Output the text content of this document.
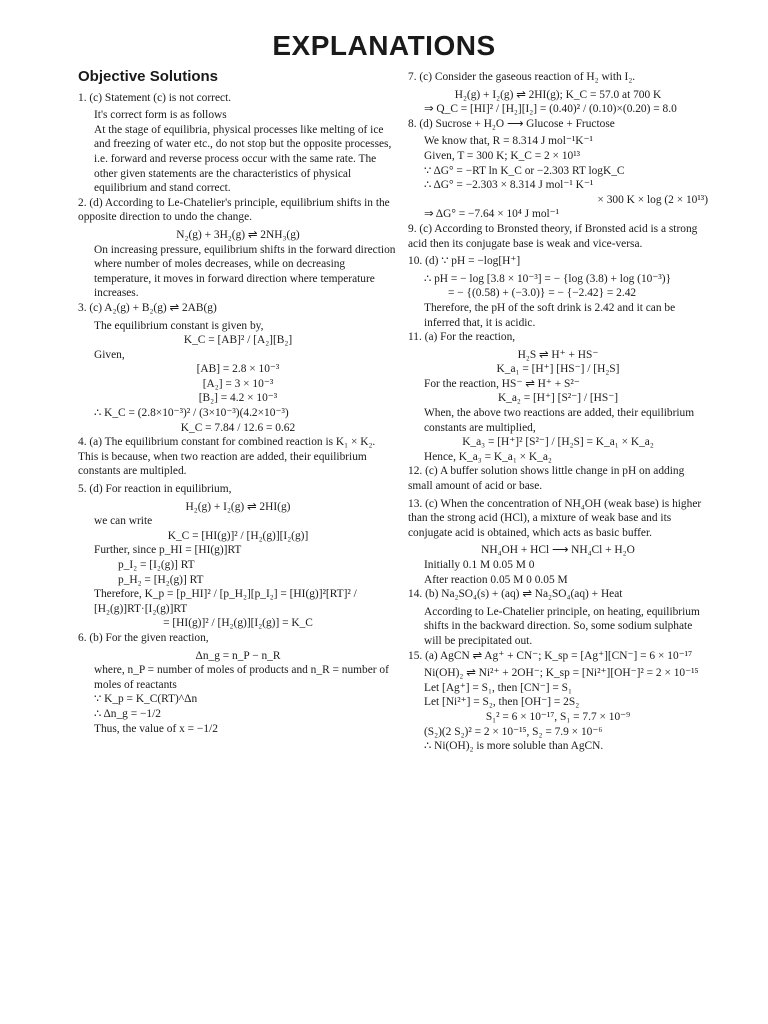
EXPLANATIONS
Objective Solutions
1. (c) Statement (c) is not correct.
It's correct form is as follows
At the stage of equilibria, physical processes like melting of ice and freezing of water etc., do not stop but the opposite processes, i.e. forward and reverse process occur with the same rate. The other given statements are the characteristics of physical equilibrium and stand correct.
2. (d) According to Le-Chatelier's principle, equilibrium shifts in the opposite direction to undo the change.
N₂(g) + 3H₂(g) ⇌ 2NH₃(g)
On increasing pressure, equilibrium shifts in the forward direction where number of moles decreases, while on decreasing temperature, it moves in forward direction where temperature increases.
3. (c) A₂(g) + B₂(g) ⇌ 2AB(g)
The equilibrium constant is given by,
K_C = [AB]² / [A₂][B₂]
Given,
[AB] = 2.8 × 10⁻³
[A₂] = 3 × 10⁻³
[B₂] = 4.2 × 10⁻³
∴ K_C = (2.8×10⁻³)² / (3×10⁻³)(4.2×10⁻³)
K_C = 7.84 / 12.6 = 0.62
4. (a) The equilibrium constant for combined reaction is K₁ × K₂. This is because, when two reaction are added, their equilibrium constants are multipled.
5. (d) For reaction in equilibrium,
H₂(g) + I₂(g) ⇌ 2HI(g)
we can write
K_C = [HI(g)]² / [H₂(g)][I₂(g)]
Further, since p_HI = [HI(g)]RT
p_I₂ = [I₂(g)] RT
p_H₂ = [H₂(g)] RT
Therefore, K_p = [p_HI]² / [p_H₂][p_I₂] = [HI(g)]²[RT]² / [H₂(g)]RT·[I₂(g)]RT
= [HI(g)]² / [H₂(g)][I₂(g)] = K_C
6. (b) For the given reaction,
Δn_g = n_P − n_R
where, n_P = number of moles of products and n_R = number of moles of reactants
∵ K_p = K_C(RT)^Δn
∴ Δn_g = −1/2
Thus, the value of x = −1/2
7. (c) Consider the gaseous reaction of H₂ with I₂.
H₂(g) + I₂(g) ⇌ 2HI(g); K_C = 57.0 at 700 K
⇒ Q_C = [HI]² / [H₂][I₂] = (0.40)² / (0.10)×(0.20) = 8.0
8. (d) Sucrose + H₂O ⟶ Glucose + Fructose
We know that, R = 8.314 J mol⁻¹K⁻¹
Given, T = 300 K; K_C = 2 × 10¹³
∵ ΔG° = −RT ln K_C or −2.303 RT logK_C
∴ ΔG° = −2.303 × 8.314 J mol⁻¹ K⁻¹
× 300 K × log (2 × 10¹³)
⇒ ΔG° = −7.64 × 10⁴ J mol⁻¹
9. (c) According to Bronsted theory, if Bronsted acid is a strong acid then its conjugate base is weak and vice-versa.
10. (d) ∵ pH = −log[H⁺]
∴ pH = − log [3.8 × 10⁻³] = − {log (3.8) + log (10⁻³)}
= − {(0.58) + (−3.0)} = − {−2.42} = 2.42
Therefore, the pH of the soft drink is 2.42 and it can be inferred that, it is acidic.
11. (a) For the reaction,
H₂S ⇌ H⁺ + HS⁻
K_a₁ = [H⁺] [HS⁻] / [H₂S]
For the reaction, HS⁻ ⇌ H⁺ + S²⁻
K_a₂ = [H⁺] [S²⁻] / [HS⁻]
When, the above two reactions are added, their equilibrium constants are multiplied,
K_a₃ = [H⁺]² [S²⁻] / [H₂S] = K_a₁ × K_a₂
Hence, K_a₃ = K_a₁ × K_a₂
12. (c) A buffer solution shows little change in pH on adding small amount of acid or base.
13. (c) When the concentration of NH₄OH (weak base) is higher than the strong acid (HCl), a mixture of weak base and its conjugate acid is obtained, which acts as basic buffer.
NH₄OH + HCl ⟶ NH₄Cl + H₂O
Initially 0.1 M 0.05 M 0
After reaction 0.05 M 0 0.05 M
14. (b) Na₂SO₄(s) + (aq) ⇌ Na₂SO₄(aq) + Heat
According to Le-Chatelier principle, on heating, equilibrium shifts in the backward direction. So, some sodium sulphate will be precipitated out.
15. (a) AgCN ⇌ Ag⁺ + CN⁻; K_sp = [Ag⁺][CN⁻] = 6 × 10⁻¹⁷
Ni(OH)₂ ⇌ Ni²⁺ + 2OH⁻; K_sp = [Ni²⁺][OH⁻]² = 2 × 10⁻¹⁵
Let [Ag⁺] = S₁, then [CN⁻] = S₁
Let [Ni²⁺] = S₂, then [OH⁻] = 2S₂
S₁² = 6 × 10⁻¹⁷, S₁ = 7.7 × 10⁻⁹
(S₂)(2 S₂)² = 2 × 10⁻¹⁵, S₂ = 7.9 × 10⁻⁶
∴ Ni(OH)₂ is more soluble than AgCN.
